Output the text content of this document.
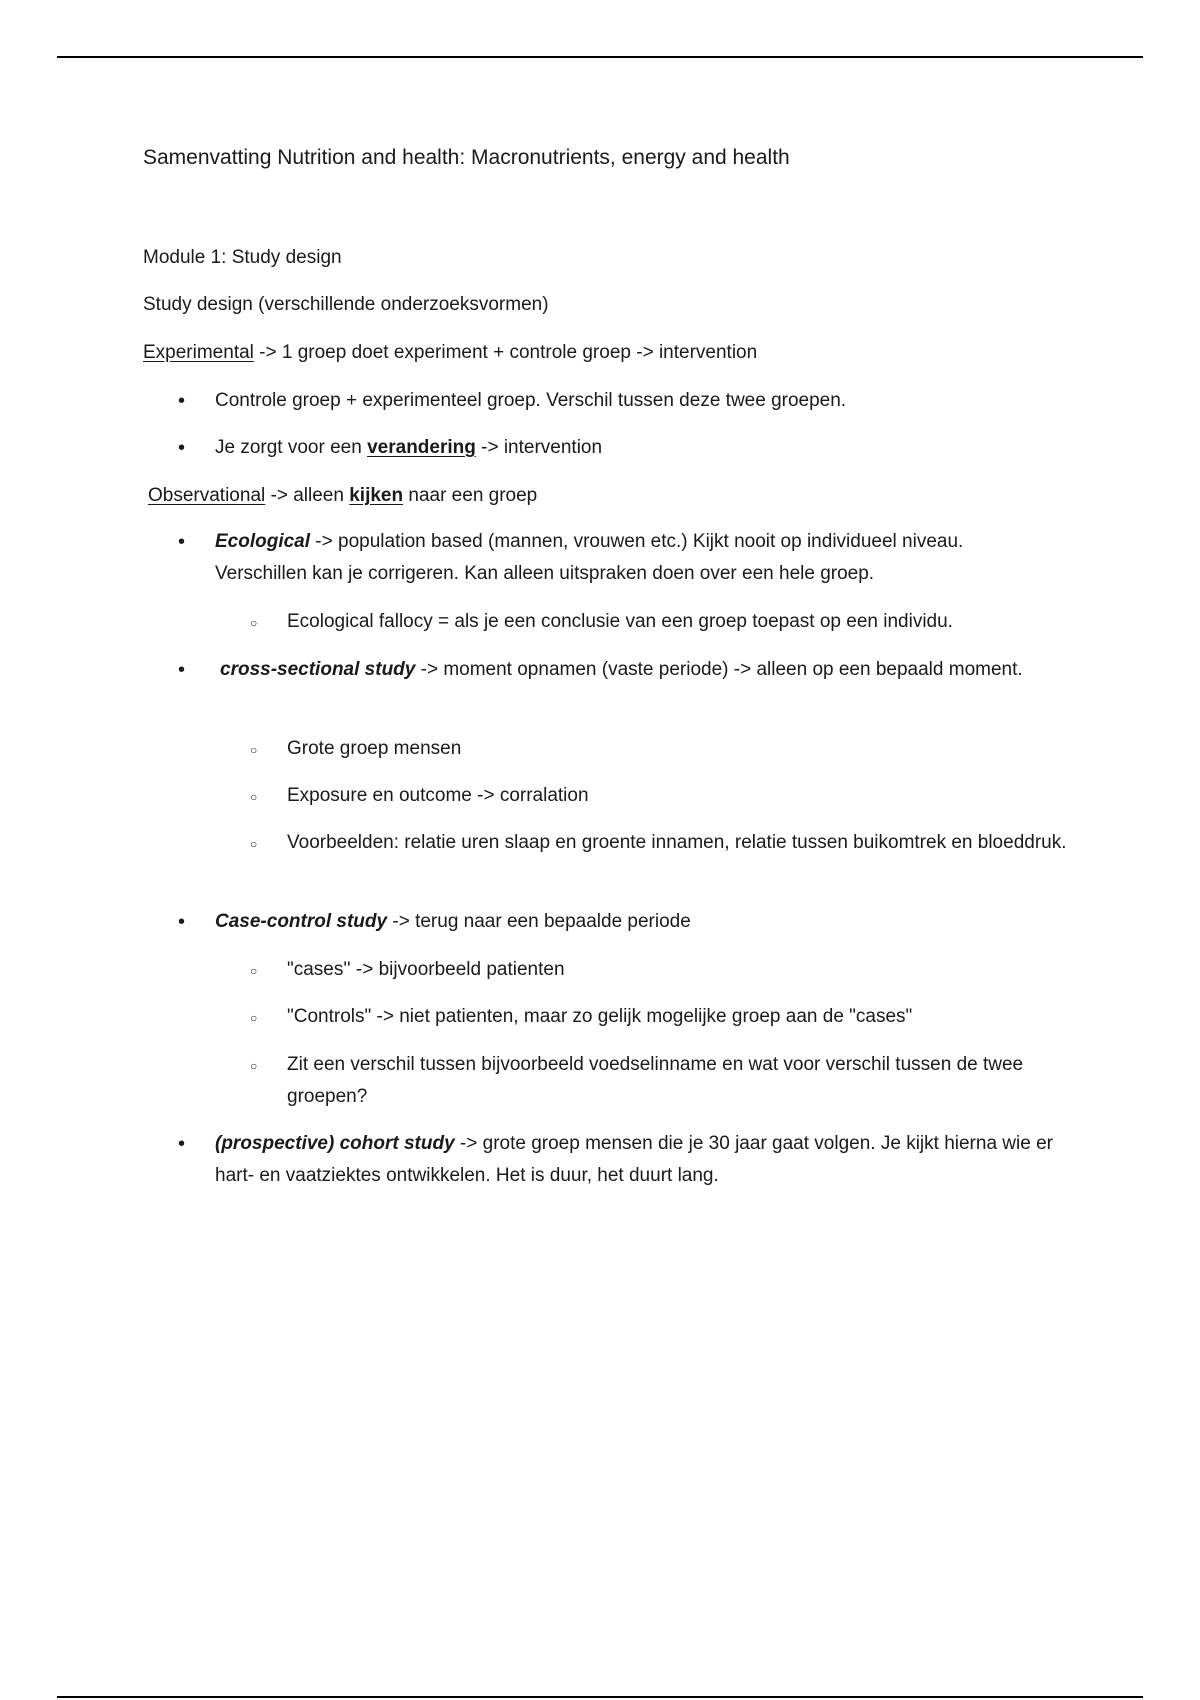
Samenvatting Nutrition and health: Macronutrients, energy and health
Module 1: Study design
Study design (verschillende onderzoeksvormen)
Experimental -> 1 groep doet experiment + controle groep -> intervention
• Controle groep + experimenteel groep. Verschil tussen deze twee groepen.
• Je zorgt voor een verandering -> intervention
Observational -> alleen kijken naar een groep
• Ecological -> population based (mannen, vrouwen etc.) Kijkt nooit op individueel niveau. Verschillen kan je corrigeren. Kan alleen uitspraken doen over een hele groep.
○ Ecological fallocy = als je een conclusie van een groep toepast op een individu.
• cross-sectional study -> moment opnamen (vaste periode) -> alleen op een bepaald moment.
○ Grote groep mensen
○ Exposure en outcome -> corralation
○ Voorbeelden: relatie uren slaap en groente innamen, relatie tussen buikomtrek en bloeddruk.
• Case-control study -> terug naar een bepaalde periode
○ "cases'' -> bijvoorbeeld patienten
○ "Controls" -> niet patienten, maar zo gelijk mogelijke groep aan de "cases"
○ Zit een verschil tussen bijvoorbeeld voedselinname en wat voor verschil tussen de twee groepen?
• (prospective) cohort study -> grote groep mensen die je 30 jaar gaat volgen. Je kijkt hierna wie er hart- en vaatziektes ontwikkelen. Het is duur, het duurt lang.
